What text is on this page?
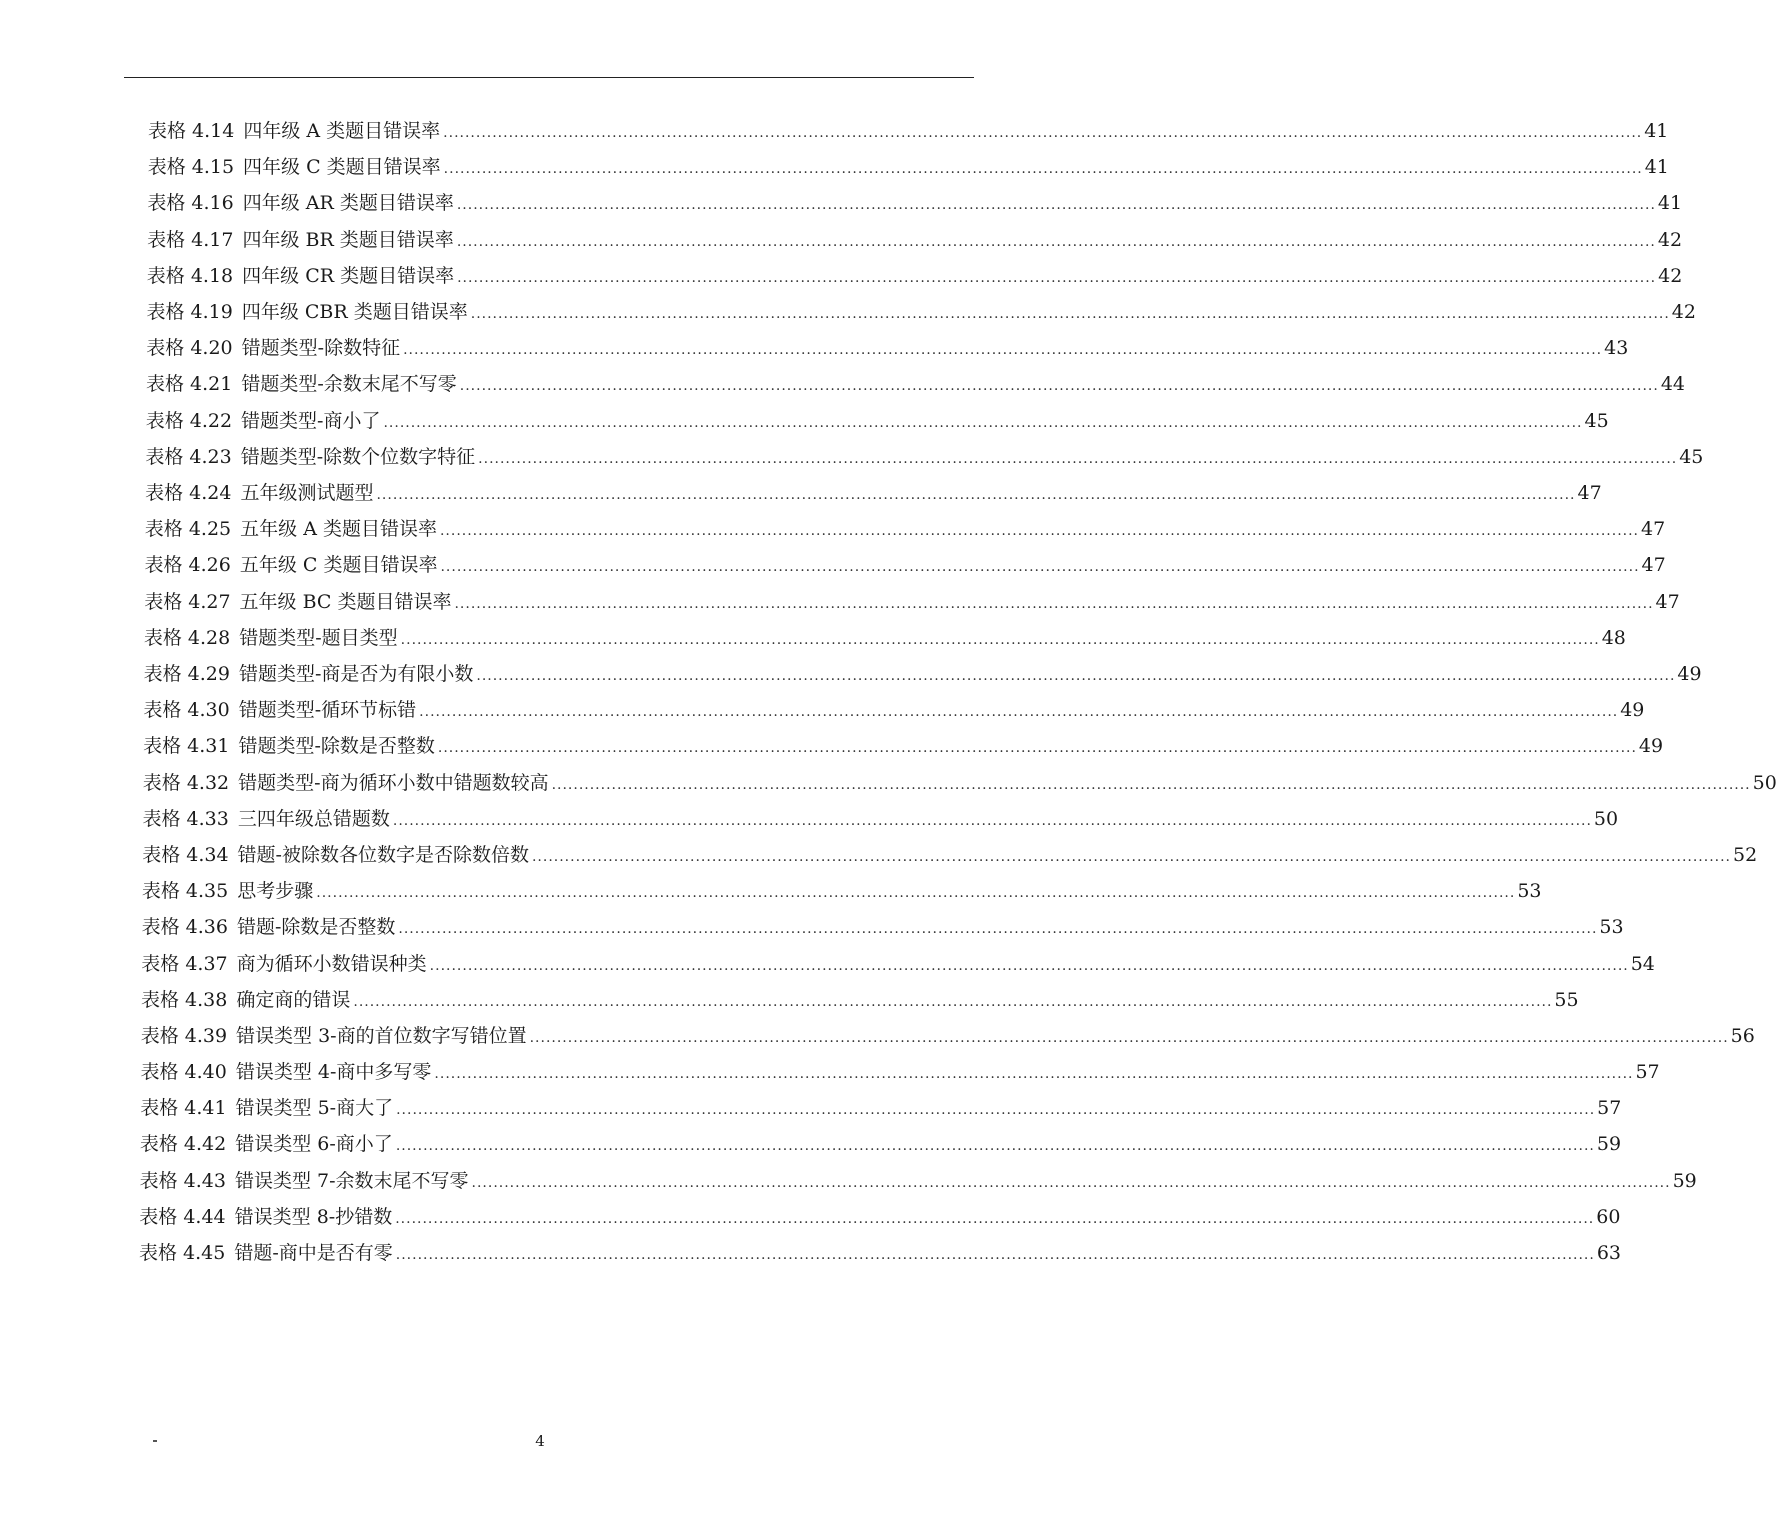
表格 4.14 四年级 A 类题目错误率 ............................................................................................................................................................................................................................ 41
表格 4.15 四年级 C 类题目错误率 ............................................................................................................................................................................................................................ 41
表格 4.16 四年级 AR 类题目错误率 ............................................................................................................................................................................................................................ 41
表格 4.17 四年级 BR 类题目错误率 ............................................................................................................................................................................................................................ 42
表格 4.18 四年级 CR 类题目错误率 ............................................................................................................................................................................................................................ 42
表格 4.19 四年级 CBR 类题目错误率 ............................................................................................................................................................................................................................ 42
表格 4.20 错题类型-除数特征 ............................................................................................................................................................................................................................ 43
表格 4.21 错题类型-余数末尾不写零 ............................................................................................................................................................................................................................ 44
表格 4.22 错题类型-商小了 ............................................................................................................................................................................................................................ 45
表格 4.23 错题类型-除数个位数字特征 ............................................................................................................................................................................................................................ 45
表格 4.24 五年级测试题型 ............................................................................................................................................................................................................................ 47
表格 4.25 五年级 A 类题目错误率 ............................................................................................................................................................................................................................ 47
表格 4.26 五年级 C 类题目错误率 ............................................................................................................................................................................................................................ 47
表格 4.27 五年级 BC 类题目错误率 ............................................................................................................................................................................................................................ 47
表格 4.28 错题类型-题目类型 ............................................................................................................................................................................................................................ 48
表格 4.29 错题类型-商是否为有限小数 ............................................................................................................................................................................................................................ 49
表格 4.30 错题类型-循环节标错 ............................................................................................................................................................................................................................ 49
表格 4.31 错题类型-除数是否整数 ............................................................................................................................................................................................................................ 49
表格 4.32 错题类型-商为循环小数中错题数较高 ............................................................................................................................................................................................................................ 50
表格 4.33 三四年级总错题数 ............................................................................................................................................................................................................................ 50
表格 4.34 错题-被除数各位数字是否除数倍数 ............................................................................................................................................................................................................................ 52
表格 4.35 思考步骤 ............................................................................................................................................................................................................................ 53
表格 4.36 错题-除数是否整数 ............................................................................................................................................................................................................................ 53
表格 4.37 商为循环小数错误种类 ............................................................................................................................................................................................................................ 54
表格 4.38 确定商的错误 ............................................................................................................................................................................................................................ 55
表格 4.39 错误类型 3-商的首位数字写错位置 ............................................................................................................................................................................................................................ 56
表格 4.40 错误类型 4-商中多写零 ............................................................................................................................................................................................................................ 57
表格 4.41 错误类型 5-商大了 ............................................................................................................................................................................................................................ 57
表格 4.42 错误类型 6-商小了 ............................................................................................................................................................................................................................ 59
表格 4.43 错误类型 7-余数末尾不写零 ............................................................................................................................................................................................................................ 59
表格 4.44 错误类型 8-抄错数 ............................................................................................................................................................................................................................ 60
表格 4.45 错题-商中是否有零 ............................................................................................................................................................................................................................ 63
4
